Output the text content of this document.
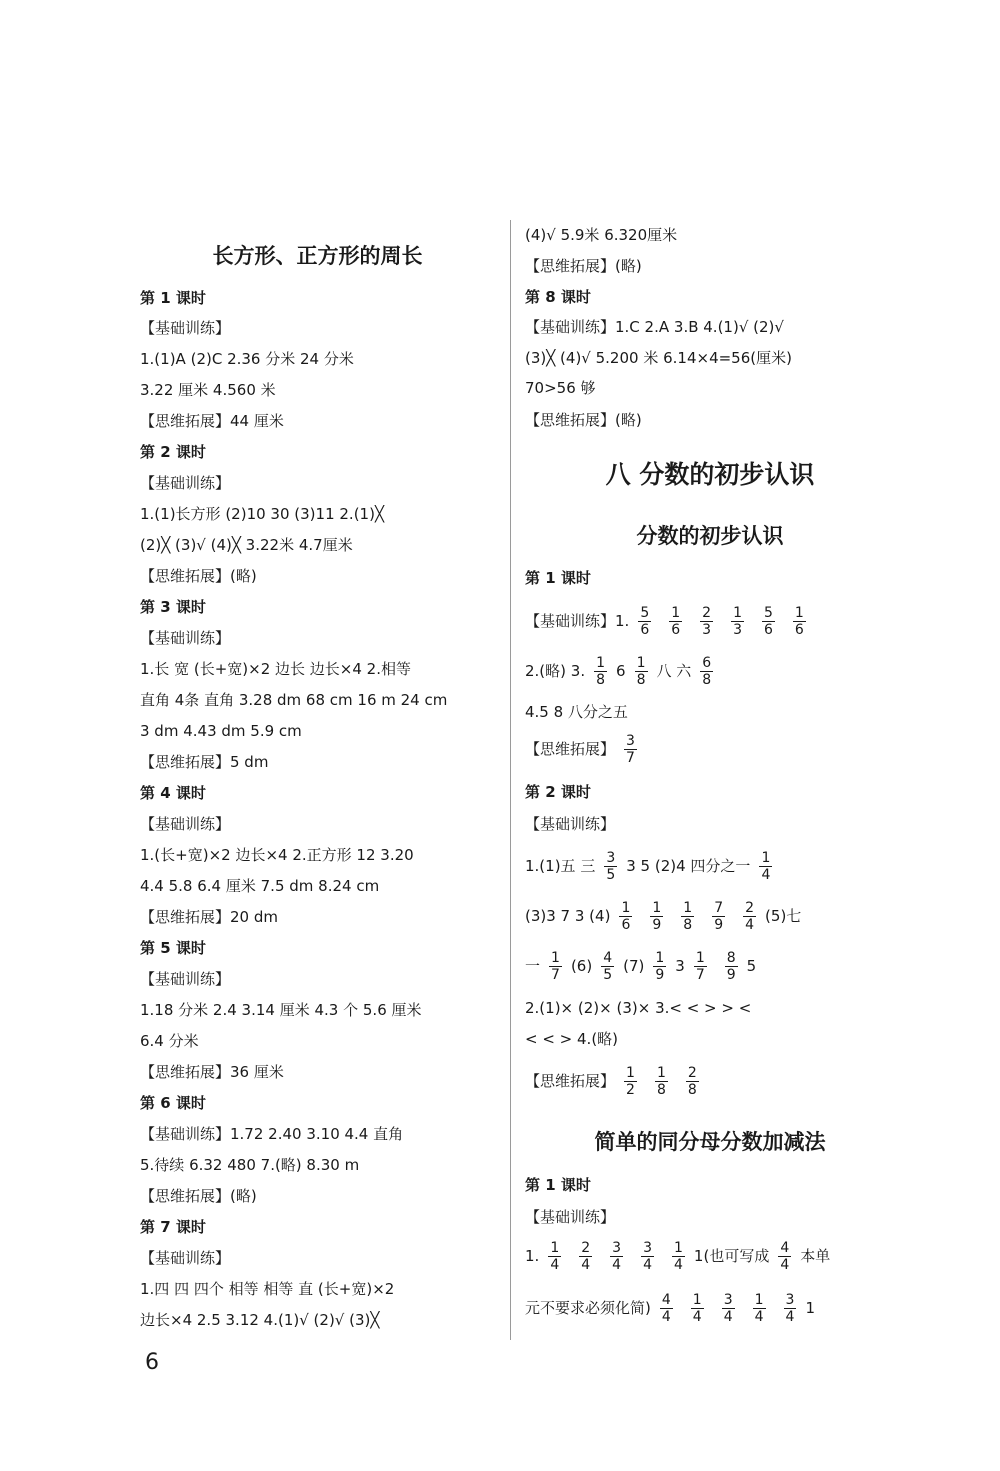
长方形、正方形的周长
第 1 课时
【基础训练】
1.(1)A (2)C 2.36 分米 24 分米
3.22 厘米 4.560 米
【思维拓展】44 厘米
第 2 课时
【基础训练】
1.(1)长方形 (2)10 30 (3)11 2.(1)╳
(2)╳ (3)√ (4)╳ 3.22米 4.7厘米
【思维拓展】(略)
第 3 课时
【基础训练】
1.长 宽 (长+宽)×2 边长 边长×4 2.相等
直角 4条 直角 3.28 dm 68 cm 16 m 24 cm
3 dm 4.43 dm 5.9 cm
【思维拓展】5 dm
第 4 课时
【基础训练】
1.(长+宽)×2 边长×4 2.正方形 12 3.20
4.4 5.8 6.4 厘米 7.5 dm 8.24 cm
【思维拓展】20 dm
第 5 课时
【基础训练】
1.18 分米 2.4 3.14 厘米 4.3 个 5.6 厘米
6.4 分米
【思维拓展】36 厘米
第 6 课时
【基础训练】1.72 2.40 3.10 4.4 直角
5.待续 6.32 480 7.(略) 8.30 m
【思维拓展】(略)
第 7 课时
【基础训练】
1.四 四 四个 相等 相等 直 (长+宽)×2
边长×4 2.5 3.12 4.(1)√ (2)√ (3)╳
(4)√ 5.9米 6.320厘米
【思维拓展】(略)
第 8 课时
【基础训练】1.C 2.A 3.B 4.(1)√ (2)√
(3)╳ (4)√ 5.200 米 6.14×4=56(厘米)
70>56 够
【思维拓展】(略)
八 分数的初步认识
分数的初步认识
第 1 课时
【基础训练】1. $\frac{5}{6} \frac{1}{6} \frac{2}{3} \frac{1}{3} \frac{5}{6} \frac{1}{6}$
2.(略) 3. $\frac{1}{8} 6 \frac{1}{8}$ 八 六 $\frac{6}{8}$
4.5 8 八分之五
【思维拓展】 $\frac{3}{7}$
第 2 课时
【基础训练】
1.(1)五 三 $\frac{3}{5} 3$ 5 (2)4 四分之一 $\frac{1}{4}$
(3)3 7 3 $(4) \frac{1}{6} \frac{1}{9} \frac{1}{8} \frac{7}{9} \frac{2}{4} (5)$七
一 $\frac{1}{7} (6) \frac{4}{5} (7) \frac{1}{9} 3 \frac{1}{7} \frac{8}{9} 5$
2.(1)× (2)× (3)× 3.< < > > <
< < > 4.(略)
【思维拓展】 $\frac{1}{2} \frac{1}{8} \frac{2}{8}$
简单的同分母分数加减法
第 1 课时
【基础训练】
1. $\frac{1}{4} \frac{2}{4} \frac{3}{4} \frac{3}{4} \frac{1}{4} 1$(也可写成 $\frac{4}{4}$ 本单
元不要求必须化简) $\frac{4}{4} \frac{1}{4} \frac{3}{4} \frac{1}{4} \frac{3}{4} 1$
6
